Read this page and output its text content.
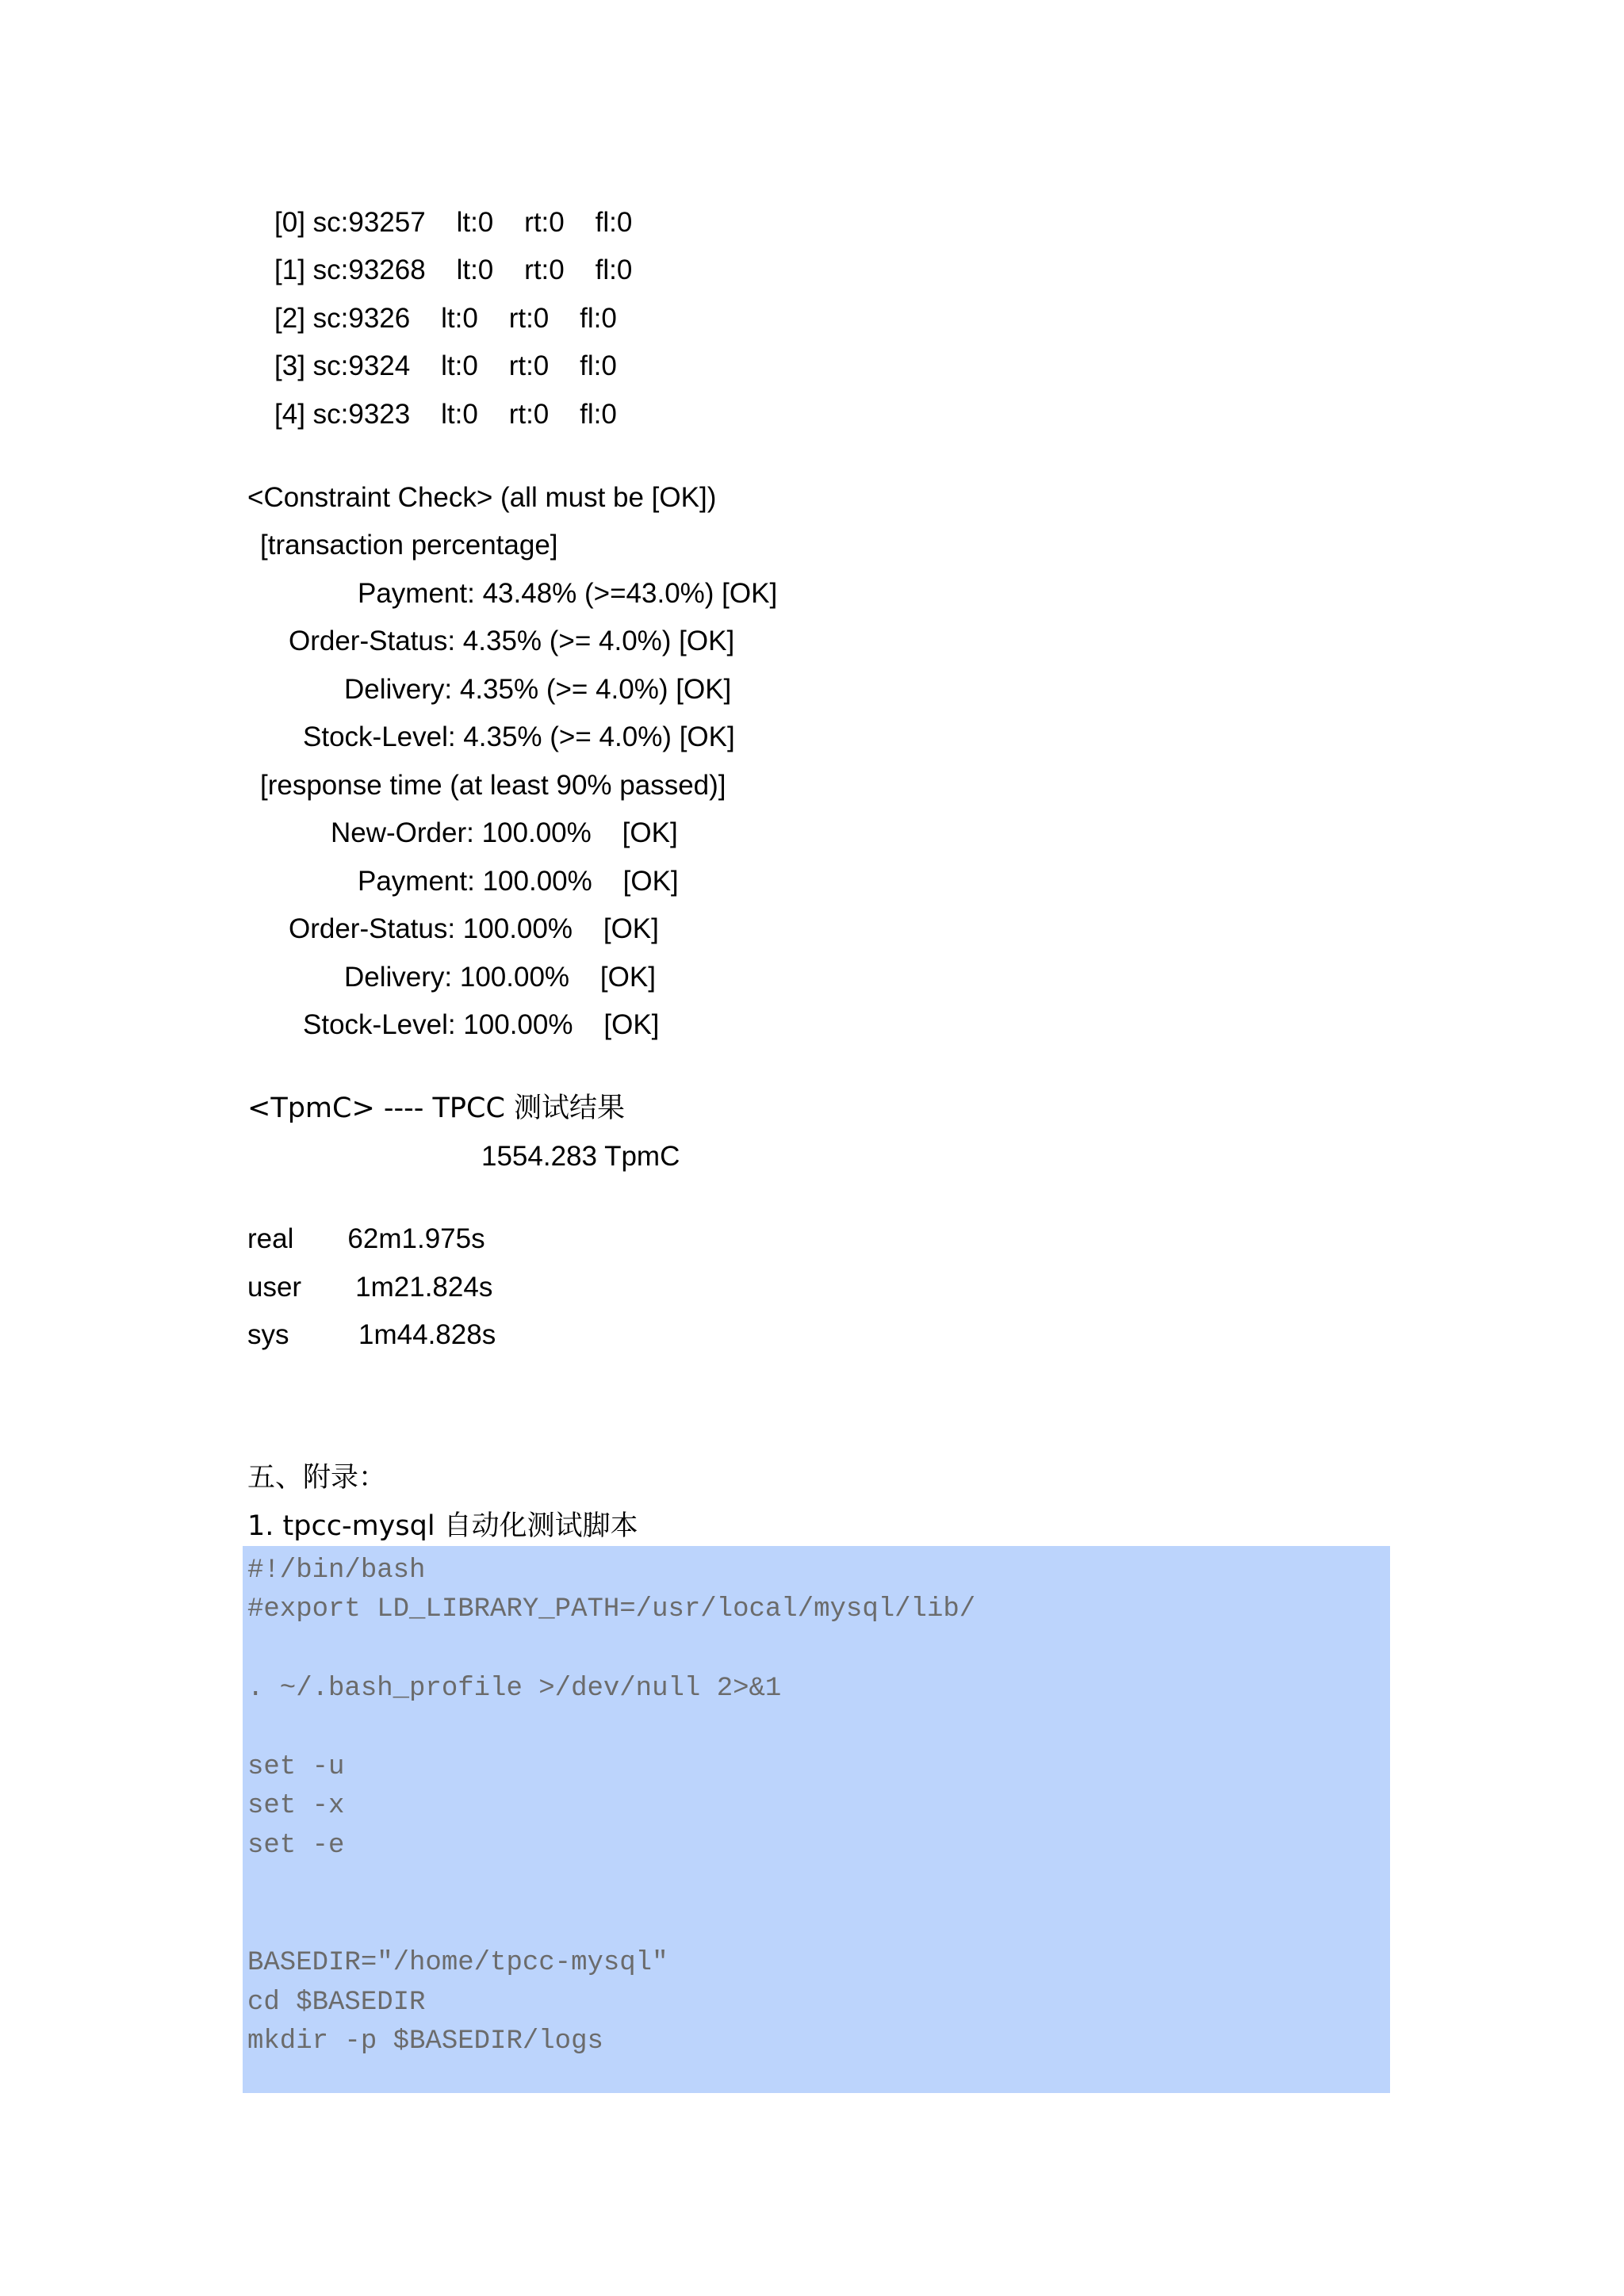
[0] sc:93257    lt:0    rt:0    fl:0

[1] sc:93268    lt:0    rt:0    fl:0

[2] sc:9326    lt:0    rt:0    fl:0

[3] sc:9324    lt:0    rt:0    fl:0

[4] sc:9323    lt:0    rt:0    fl:0

<Constraint Check> (all must be [OK])

[transaction percentage]

Payment: 43.48% (>=43.0%) [OK]

Order-Status: 4.35% (>= 4.0%) [OK]

Delivery: 4.35% (>= 4.0%) [OK]

Stock-Level: 4.35% (>= 4.0%) [OK]

[response time (at least 90% passed)]

New-Order: 100.00%    [OK]

Payment: 100.00%    [OK]

Order-Status: 100.00%    [OK]

Delivery: 100.00%    [OK]

Stock-Level: 100.00%    [OK]

<TpmC> ---- TPCC 测试结果

1554.283 TpmC

real       62m1.975s

user       1m21.824s

sys         1m44.828s

五、附录：

1. tpcc-mysql 自动化测试脚本

#!/bin/bash

#export LD_LIBRARY_PATH=/usr/local/mysql/lib/

. ~/.bash_profile >/dev/null 2>&1

set -u

set -x

set -e

BASEDIR="/home/tpcc-mysql"

cd $BASEDIR

mkdir -p $BASEDIR/logs
